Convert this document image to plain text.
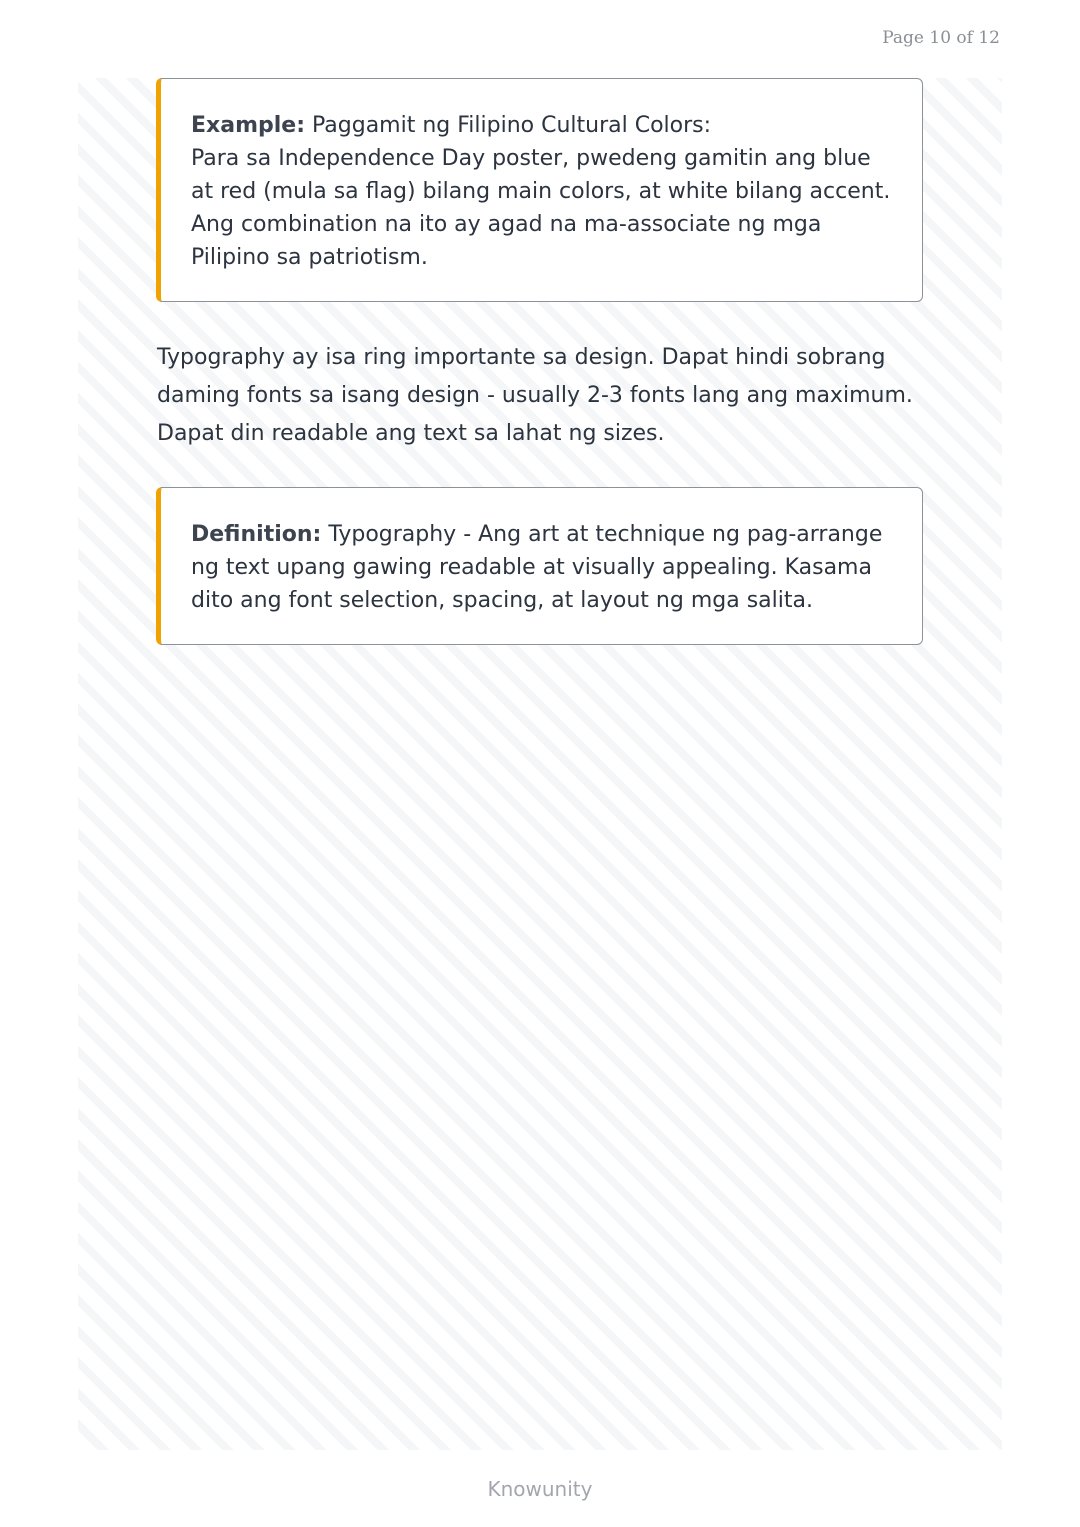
Page 10 of 12

Example: Paggamit ng Filipino Cultural Colors:

Para sa Independence Day poster, pwedeng gamitin ang blue at red (mula sa flag) bilang main colors, at white bilang accent. Ang combination na ito ay agad na ma-associate ng mga Pilipino sa patriotism.

Typography ay isa ring importante sa design. Dapat hindi sobrang daming fonts sa isang design - usually 2-3 fonts lang ang maximum. Dapat din readable ang text sa lahat ng sizes.

Definition: Typography - Ang art at technique ng pag-arrange ng text upang gawing readable at visually appealing. Kasama dito ang font selection, spacing, at layout ng mga salita.

Knowunity
